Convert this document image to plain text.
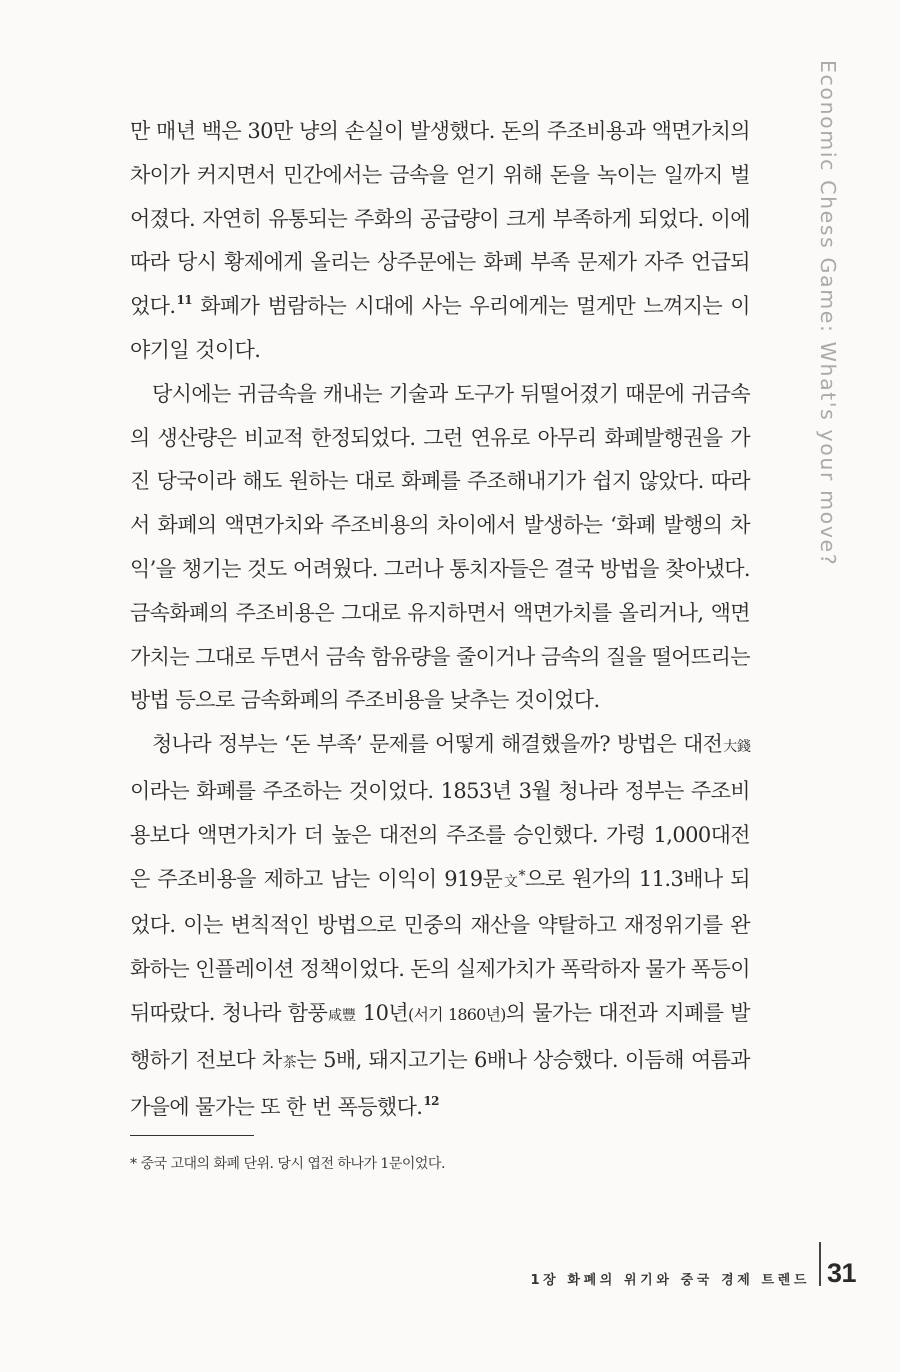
Economic Chess Game: What's your move?

만 매년 백은 30만 냥의 손실이 발생했다. 돈의 주조비용과 액면가치의 차이가 커지면서 민간에서는 금속을 얻기 위해 돈을 녹이는 일까지 벌어졌다. 자연히 유통되는 주화의 공급량이 크게 부족하게 되었다. 이에 따라 당시 황제에게 올리는 상주문에는 화폐 부족 문제가 자주 언급되었다.$^{11}$ 화폐가 범람하는 시대에 사는 우리에게는 멀게만 느껴지는 이야기일 것이다.

당시에는 귀금속을 캐내는 기술과 도구가 뒤떨어졌기 때문에 귀금속의 생산량은 비교적 한정되었다. 그런 연유로 아무리 화폐발행권을 가진 당국이라 해도 원하는 대로 화폐를 주조해내기가 쉽지 않았다. 따라서 화폐의 액면가치와 주조비용의 차이에서 발생하는 ‘화폐 발행의 차익’을 챙기는 것도 어려웠다. 그러나 통치자들은 결국 방법을 찾아냈다. 금속화폐의 주조비용은 그대로 유지하면서 액면가치를 올리거나, 액면가치는 그대로 두면서 금속 함유량을 줄이거나 금속의 질을 떨어뜨리는 방법 등으로 금속화폐의 주조비용을 낮추는 것이었다.

청나라 정부는 ‘돈 부족’ 문제를 어떻게 해결했을까? 방법은 대전大錢이라는 화폐를 주조하는 것이었다. 1853년 3월 청나라 정부는 주조비용보다 액면가치가 더 높은 대전의 주조를 승인했다. 가령 1,000대전은 주조비용을 제하고 남는 이익이 919문文*으로 원가의 11.3배나 되었다. 이는 변칙적인 방법으로 민중의 재산을 약탈하고 재정위기를 완화하는 인플레이션 정책이었다. 돈의 실제가치가 폭락하자 물가 폭등이 뒤따랐다. 청나라 함풍咸豐 10년(서기 1860년)의 물가는 대전과 지폐를 발행하기 전보다 차茶는 5배, 돼지고기는 6배나 상승했다. 이듬해 여름과 가을에 물가는 또 한 번 폭등했다.$^{12}$

* 중국 고대의 화폐 단위. 당시 엽전 하나가 1문이었다.
1장 화폐의 위기와 중국 경제 트렌드 31
